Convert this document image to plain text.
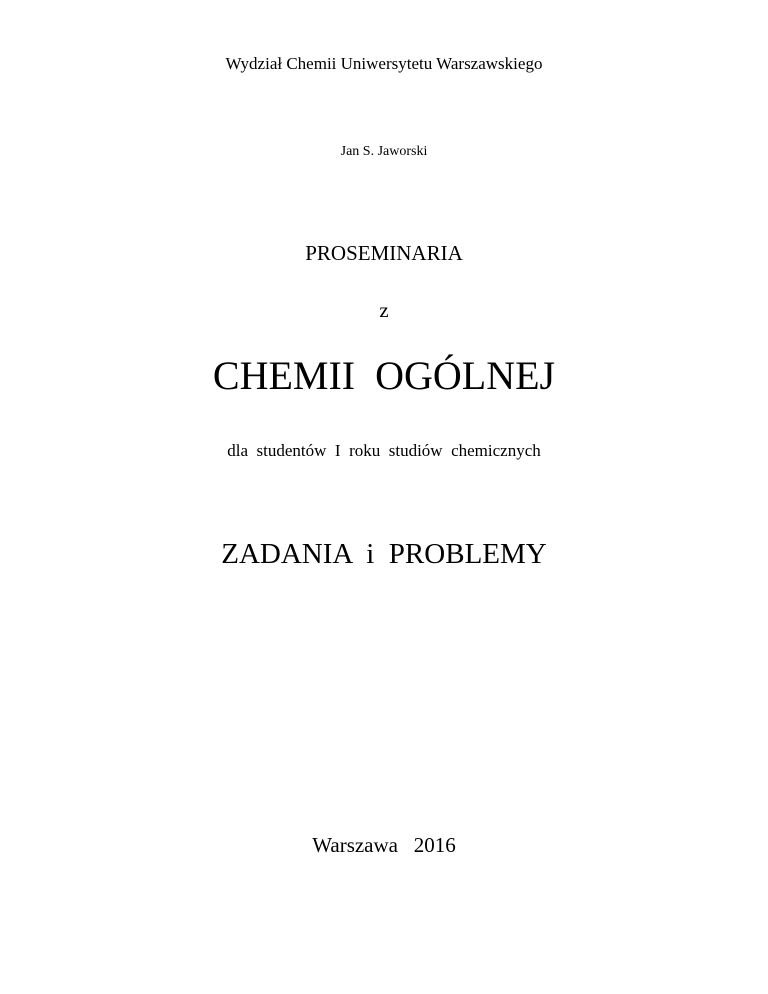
Wydział Chemii Uniwersytetu Warszawskiego
Jan S. Jaworski
PROSEMINARIA
z
CHEMII  OGÓLNEJ
dla  studentów  I  roku  studiów  chemicznych
ZADANIA  i  PROBLEMY
Warszawa   2016
